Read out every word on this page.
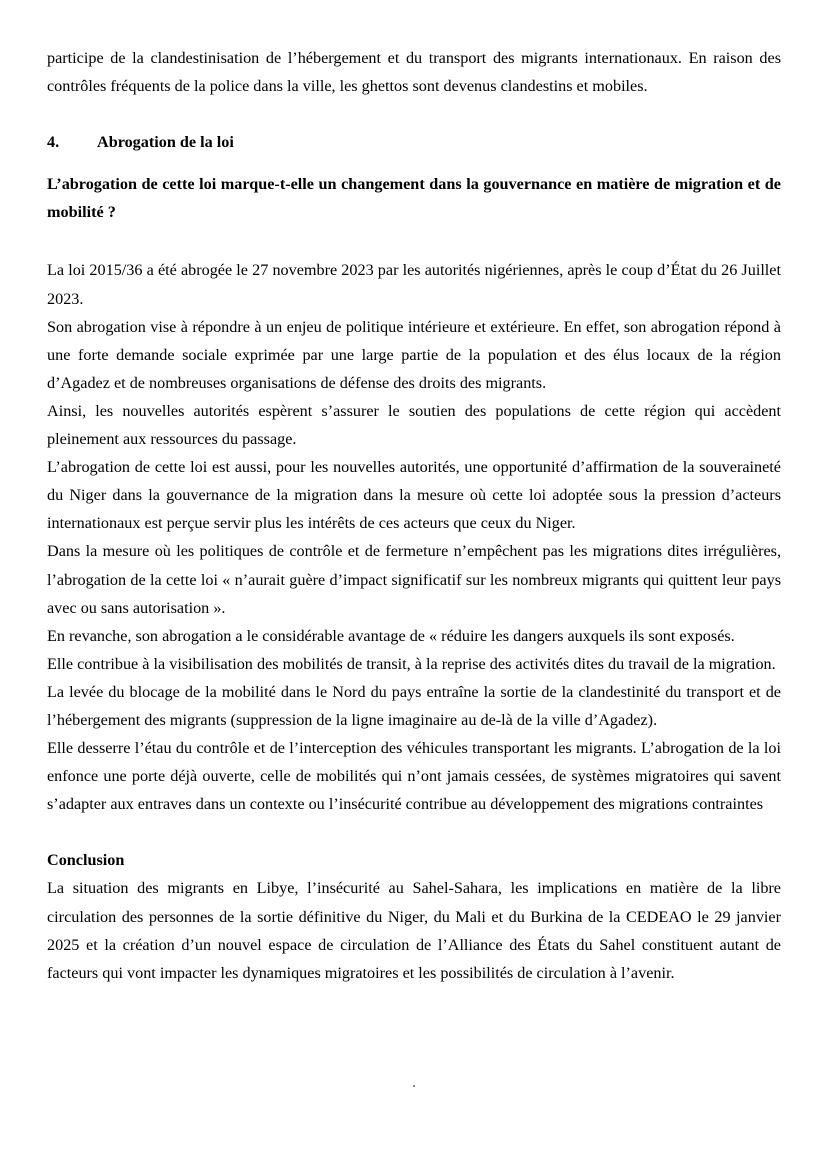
participe de la clandestinisation de l’hébergement et du transport des migrants internationaux. En raison des contrôles fréquents de la police dans la ville, les ghettos sont devenus clandestins et mobiles.

4. Abrogation de la loi
L’abrogation de cette loi marque-t-elle un changement dans la gouvernance en matière de migration et de mobilité ?

La loi 2015/36 a été abrogée le 27 novembre 2023 par les autorités nigériennes, après le coup d’État du 26 Juillet 2023.

Son abrogation vise à répondre à un enjeu de politique intérieure et extérieure. En effet, son abrogation répond à une forte demande sociale exprimée par une large partie de la population et des élus locaux de la région d’Agadez et de nombreuses organisations de défense des droits des migrants.

Ainsi, les nouvelles autorités espèrent s’assurer le soutien des populations de cette région qui accèdent pleinement aux ressources du passage.

L’abrogation de cette loi est aussi, pour les nouvelles autorités, une opportunité d’affirmation de la souveraineté du Niger dans la gouvernance de la migration dans la mesure où cette loi adoptée sous la pression d’acteurs internationaux est perçue servir plus les intérêts de ces acteurs que ceux du Niger.

Dans la mesure où les politiques de contrôle et de fermeture n’empêchent pas les migrations dites irrégulières, l’abrogation de la cette loi « n’aurait guère d’impact significatif sur les nombreux migrants qui quittent leur pays avec ou sans autorisation ».

En revanche, son abrogation a le considérable avantage de « réduire les dangers auxquels ils sont exposés.

Elle contribue à la visibilisation des mobilités de transit, à la reprise des activités dites du travail de la migration.

La levée du blocage de la mobilité dans le Nord du pays entraîne la sortie de la clandestinité du transport et de l’hébergement des migrants (suppression de la ligne imaginaire au de-là de la ville d’Agadez).

Elle desserre l’étau du contrôle et de l’interception des véhicules transportant les migrants. L’abrogation de la loi enfonce une porte déjà ouverte, celle de mobilités qui n’ont jamais cessées, de systèmes migratoires qui savent s’adapter aux entraves dans un contexte ou l’insécurité contribue au développement des migrations contraintes

Conclusion

La situation des migrants en Libye, l’insécurité au Sahel-Sahara, les implications en matière de la libre circulation des personnes de la sortie définitive du Niger, du Mali et du Burkina de la CEDEAO le 29 janvier 2025 et la création d’un nouvel espace de circulation de l’Alliance des États du Sahel constituent autant de facteurs qui vont impacter les dynamiques migratoires et les possibilités de circulation à l’avenir.

.
